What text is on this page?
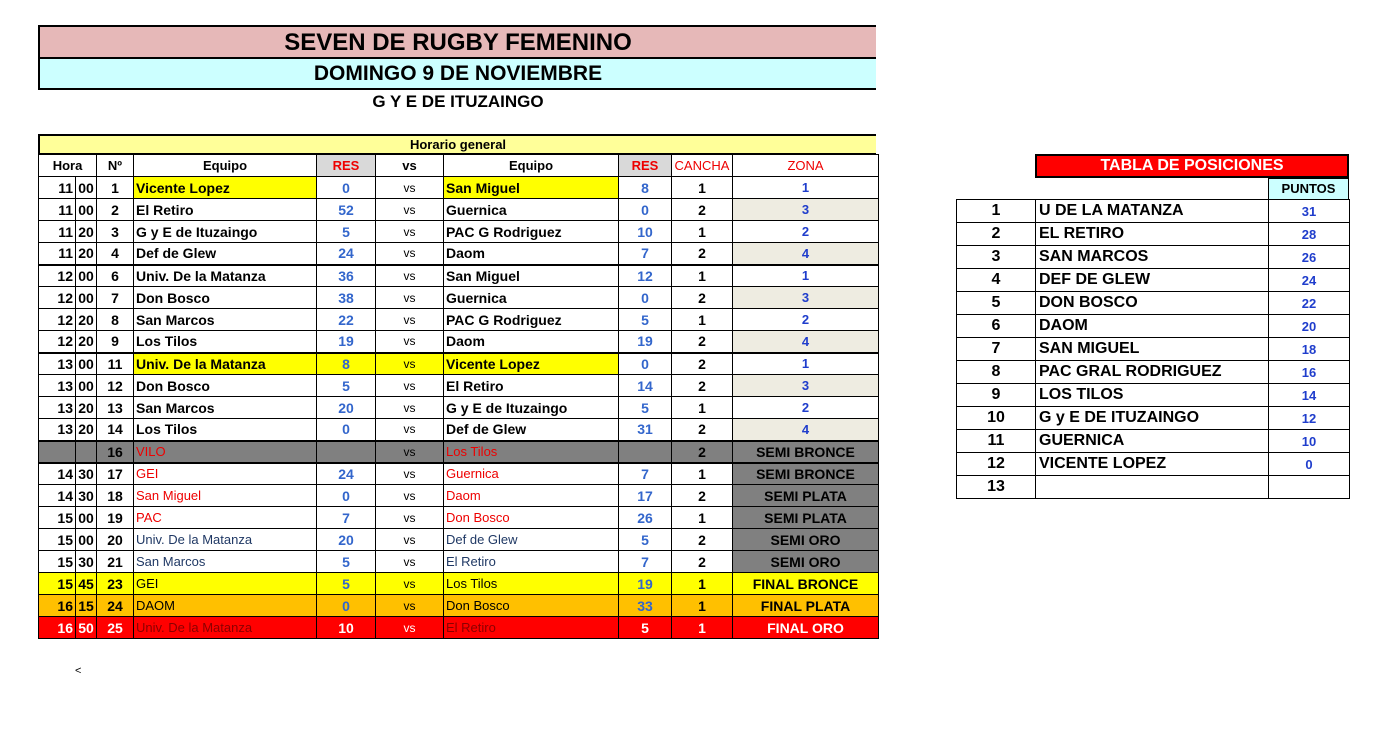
SEVEN DE RUGBY FEMENINO
DOMINGO 9 DE NOVIEMBRE
G Y E DE ITUZAINGO
Horario general
Hora		Nº	Equipo	RES	vs	Equipo	RES	CANCHA	ZONA
11	00	1	Vicente Lopez	0	vs	San Miguel	8	1	1
11	00	2	El Retiro	52	vs	Guernica	0	2	3
11	20	3	G y E de Ituzaingo	5	vs	PAC G Rodriguez	10	1	2
11	20	4	Def de Glew	24	vs	Daom	7	2	4
12	00	6	Univ. De la Matanza	36	vs	San Miguel	12	1	1
12	00	7	Don Bosco	38	vs	Guernica	0	2	3
12	20	8	San Marcos	22	vs	PAC G Rodriguez	5	1	2
12	20	9	Los Tilos	19	vs	Daom	19	2	4
13	00	11	Univ. De la Matanza	8	vs	Vicente Lopez	0	2	1
13	00	12	Don Bosco	5	vs	El Retiro	14	2	3
13	20	13	San Marcos	20	vs	G y E de Ituzaingo	5	1	2
13	20	14	Los Tilos	0	vs	Def de Glew	31	2	4
		16	VILO		vs	Los Tilos		2	SEMI BRONCE
14	30	17	GEI	24	vs	Guernica	7	1	SEMI BRONCE
14	30	18	San Miguel	0	vs	Daom	17	2	SEMI PLATA
15	00	19	PAC	7	vs	Don Bosco	26	1	SEMI PLATA
15	00	20	Univ. De la Matanza	20	vs	Def de Glew	5	2	SEMI ORO
15	30	21	San Marcos	5	vs	El Retiro	7	2	SEMI ORO
15	45	23	GEI	5	vs	Los Tilos	19	1	FINAL BRONCE
16	15	24	DAOM	0	vs	Don Bosco	33	1	FINAL PLATA
16	50	25	Univ. De la Matanza	10	vs	El Retiro	5	1	FINAL ORO
TABLA DE POSICIONES
PUNTOS
1	U DE LA MATANZA	31
2	EL RETIRO	28
3	SAN MARCOS	26
4	DEF DE GLEW	24
5	DON BOSCO	22
6	DAOM	20
7	SAN MIGUEL	18
8	PAC GRAL RODRIGUEZ	16
9	LOS TILOS	14
10	G y E DE ITUZAINGO	12
11	GUERNICA	10
12	VICENTE LOPEZ	0
13		
<
